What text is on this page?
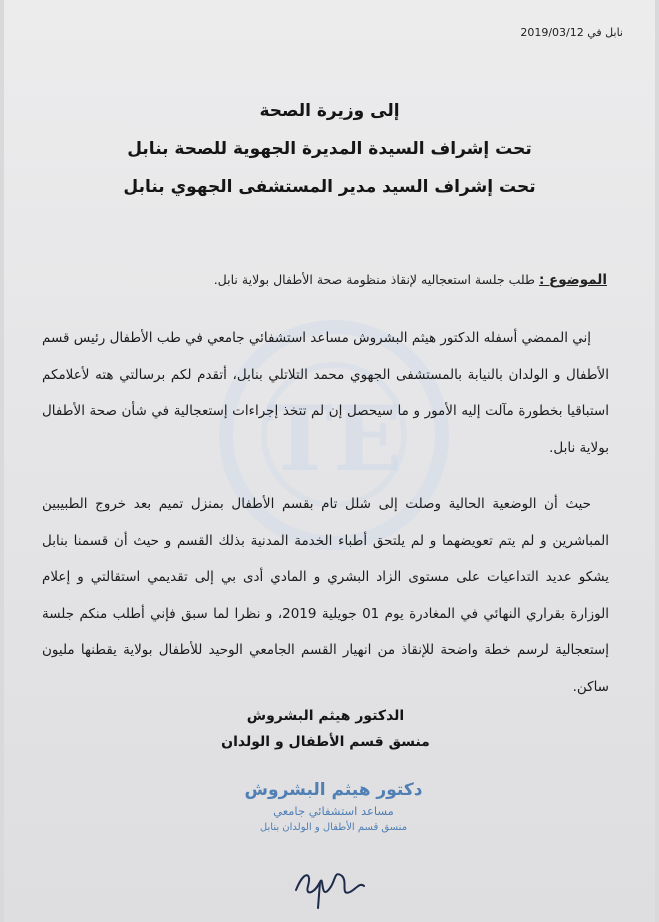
TE
نابل في 2019/03/12
إلى وزيرة الصحة
تحت إشراف السيدة المديرة الجهوية للصحة بنابل
تحت إشراف السيد مدير المستشفى الجهوي بنابل
الموضوع : طلب جلسة استعجاليه لإنقاذ منظومة صحة الأطفال بولاية نابل.
إني الممضي أسفله الدكتور هيثم البشروش مساعد استشفائي جامعي في طب الأطفال رئيس قسم الأطفال و الولدان بالنيابة بالمستشفى الجهوي محمد التلاتلي بنابل، أتقدم لكم برسالتي هته لأعلامكم استباقيا بخطورة مآلت إليه الأمور و ما سيحصل إن لم تتخذ إجراءات إستعجالية في شأن صحة الأطفال بولاية نابل.
حيث أن الوضعية الحالية وصلت إلى شلل تام بقسم الأطفال بمنزل تميم بعد خروج الطبيبين المباشرين و لم يتم تعويضهما و لم يلتحق أطباء الخدمة المدنية بذلك القسم و حيث أن قسمنا بنابل يشكو عديد التداعيات على مستوى الزاد البشري و المادي أدى بي إلى تقديمي استقالتي و إعلام الوزارة بقراري النهائي في المغادرة يوم 01 جويلية 2019، و نظرا لما سبق فإني أطلب منكم جلسة إستعجالية لرسم خطة واضحة للإنقاذ من انهيار القسم الجامعي الوحيد للأطفال بولاية يقطنها مليون ساكن.
الدكتور هيثم البشروش
منسق قسم الأطفال و الولدان
دكتور هيثم البشروش
مساعد استشفائي جامعي
منسق قسم الأطفال و الولدان بنابل
